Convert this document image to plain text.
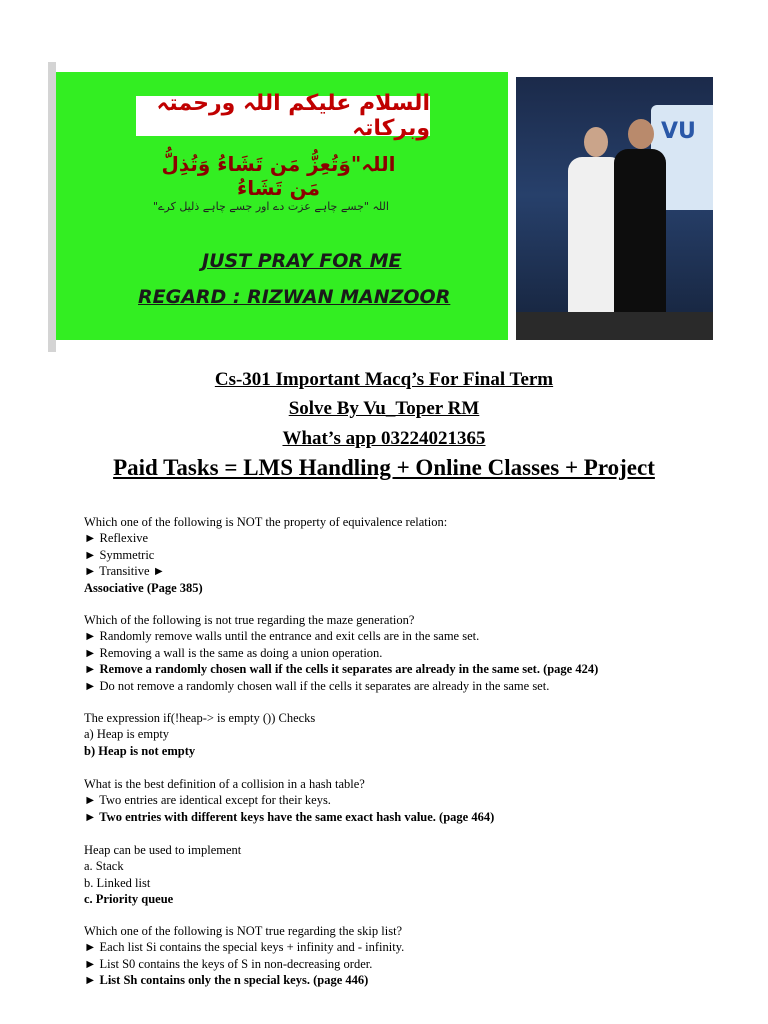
السلام علیکم اللہ ورحمتہ وبرکاتہ
اللہ"وَتُعِزُّ مَن تَشَاءُ وَتُذِلُّ مَن تَشَاءُ
اللہ "جسے چاہے عزت دے اور جسے چاہے ذلیل کرے"
JUST PRAY FOR ME
REGARD : RIZWAN MANZOOR
VU
Cs-301 Important Macq’s For Final Term
Solve By Vu_Toper RM
What’s app 03224021365
Paid Tasks = LMS Handling + Online Classes + Project
Which one of the following is NOT the property of equivalence relation:
► Reflexive
► Symmetric
► Transitive ►
Associative (Page 385)
Which of the following is not true regarding the maze generation?
► Randomly remove walls until the entrance and exit cells are in the same set.
► Removing a wall is the same as doing a union operation.
► Remove a randomly chosen wall if the cells it separates are already in the same set. (page 424)
► Do not remove a randomly chosen wall if the cells it separates are already in the same set.
The expression if(!heap-> is empty ()) Checks
a) Heap is empty
b) Heap is not empty
What is the best definition of a collision in a hash table?
► Two entries are identical except for their keys.
► Two entries with different keys have the same exact hash value. (page 464)
Heap can be used to implement
a. Stack
b. Linked list
c. Priority queue
Which one of the following is NOT true regarding the skip list?
► Each list Si contains the special keys + infinity and - infinity.
► List S0 contains the keys of S in non-decreasing order.
► List Sh contains only the n special keys. (page 446)
